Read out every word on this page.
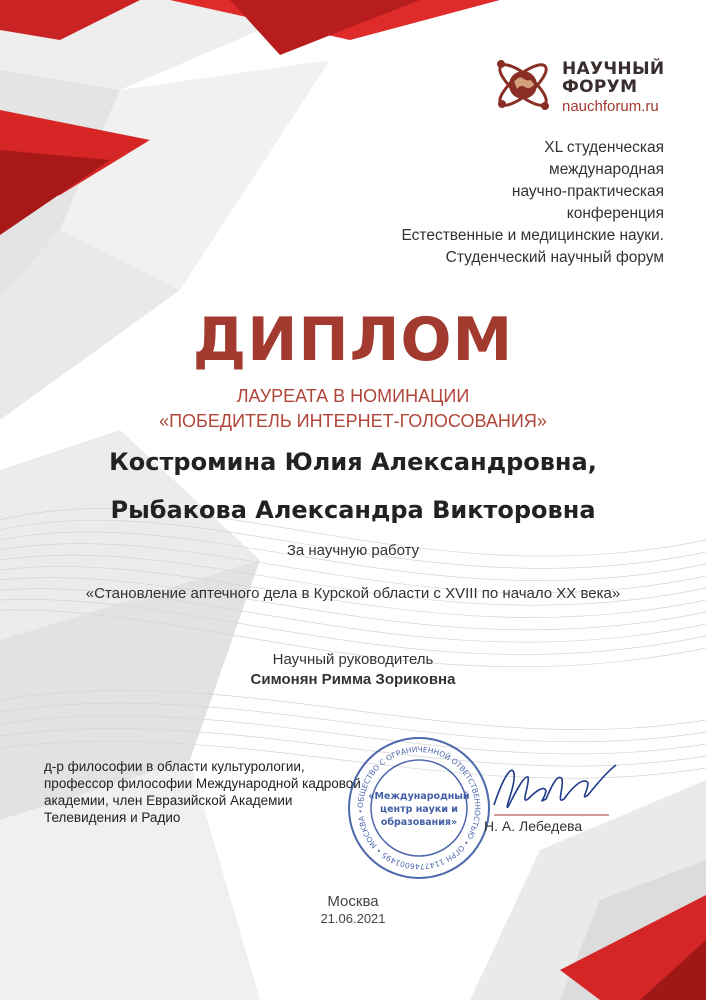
НАУЧНЫЙ
ФОРУМ
nauchforum.ru
XL студенческая
международная
научно-практическая
конференция
Естественные и медицинские науки.
Студенческий научный форум
ДИПЛОМ
ЛАУРЕАТА В НОМИНАЦИИ
«ПОБЕДИТЕЛЬ ИНТЕРНЕТ-ГОЛОСОВАНИЯ»
Костромина Юлия Александровна,
Рыбакова Александра Викторовна
За научную работу
«Становление аптечного дела в Курской области с XVIII по начало XX века»
Научный руководитель
Симонян Римма Зориковна
д-р философии в области культурологии, профессор философии Международной кадровой академии, член Евразийской Академии Телевидения и Радио
ОБЩЕСТВО С ОГРАНИЧЕННОЙ ОТВЕТСТВЕННОСТЬЮ • ОГРН 1147746001495 • МОСКВА •
«Международный
центр науки и
образования» Н. А. Лебедева
Москва
21.06.2021
